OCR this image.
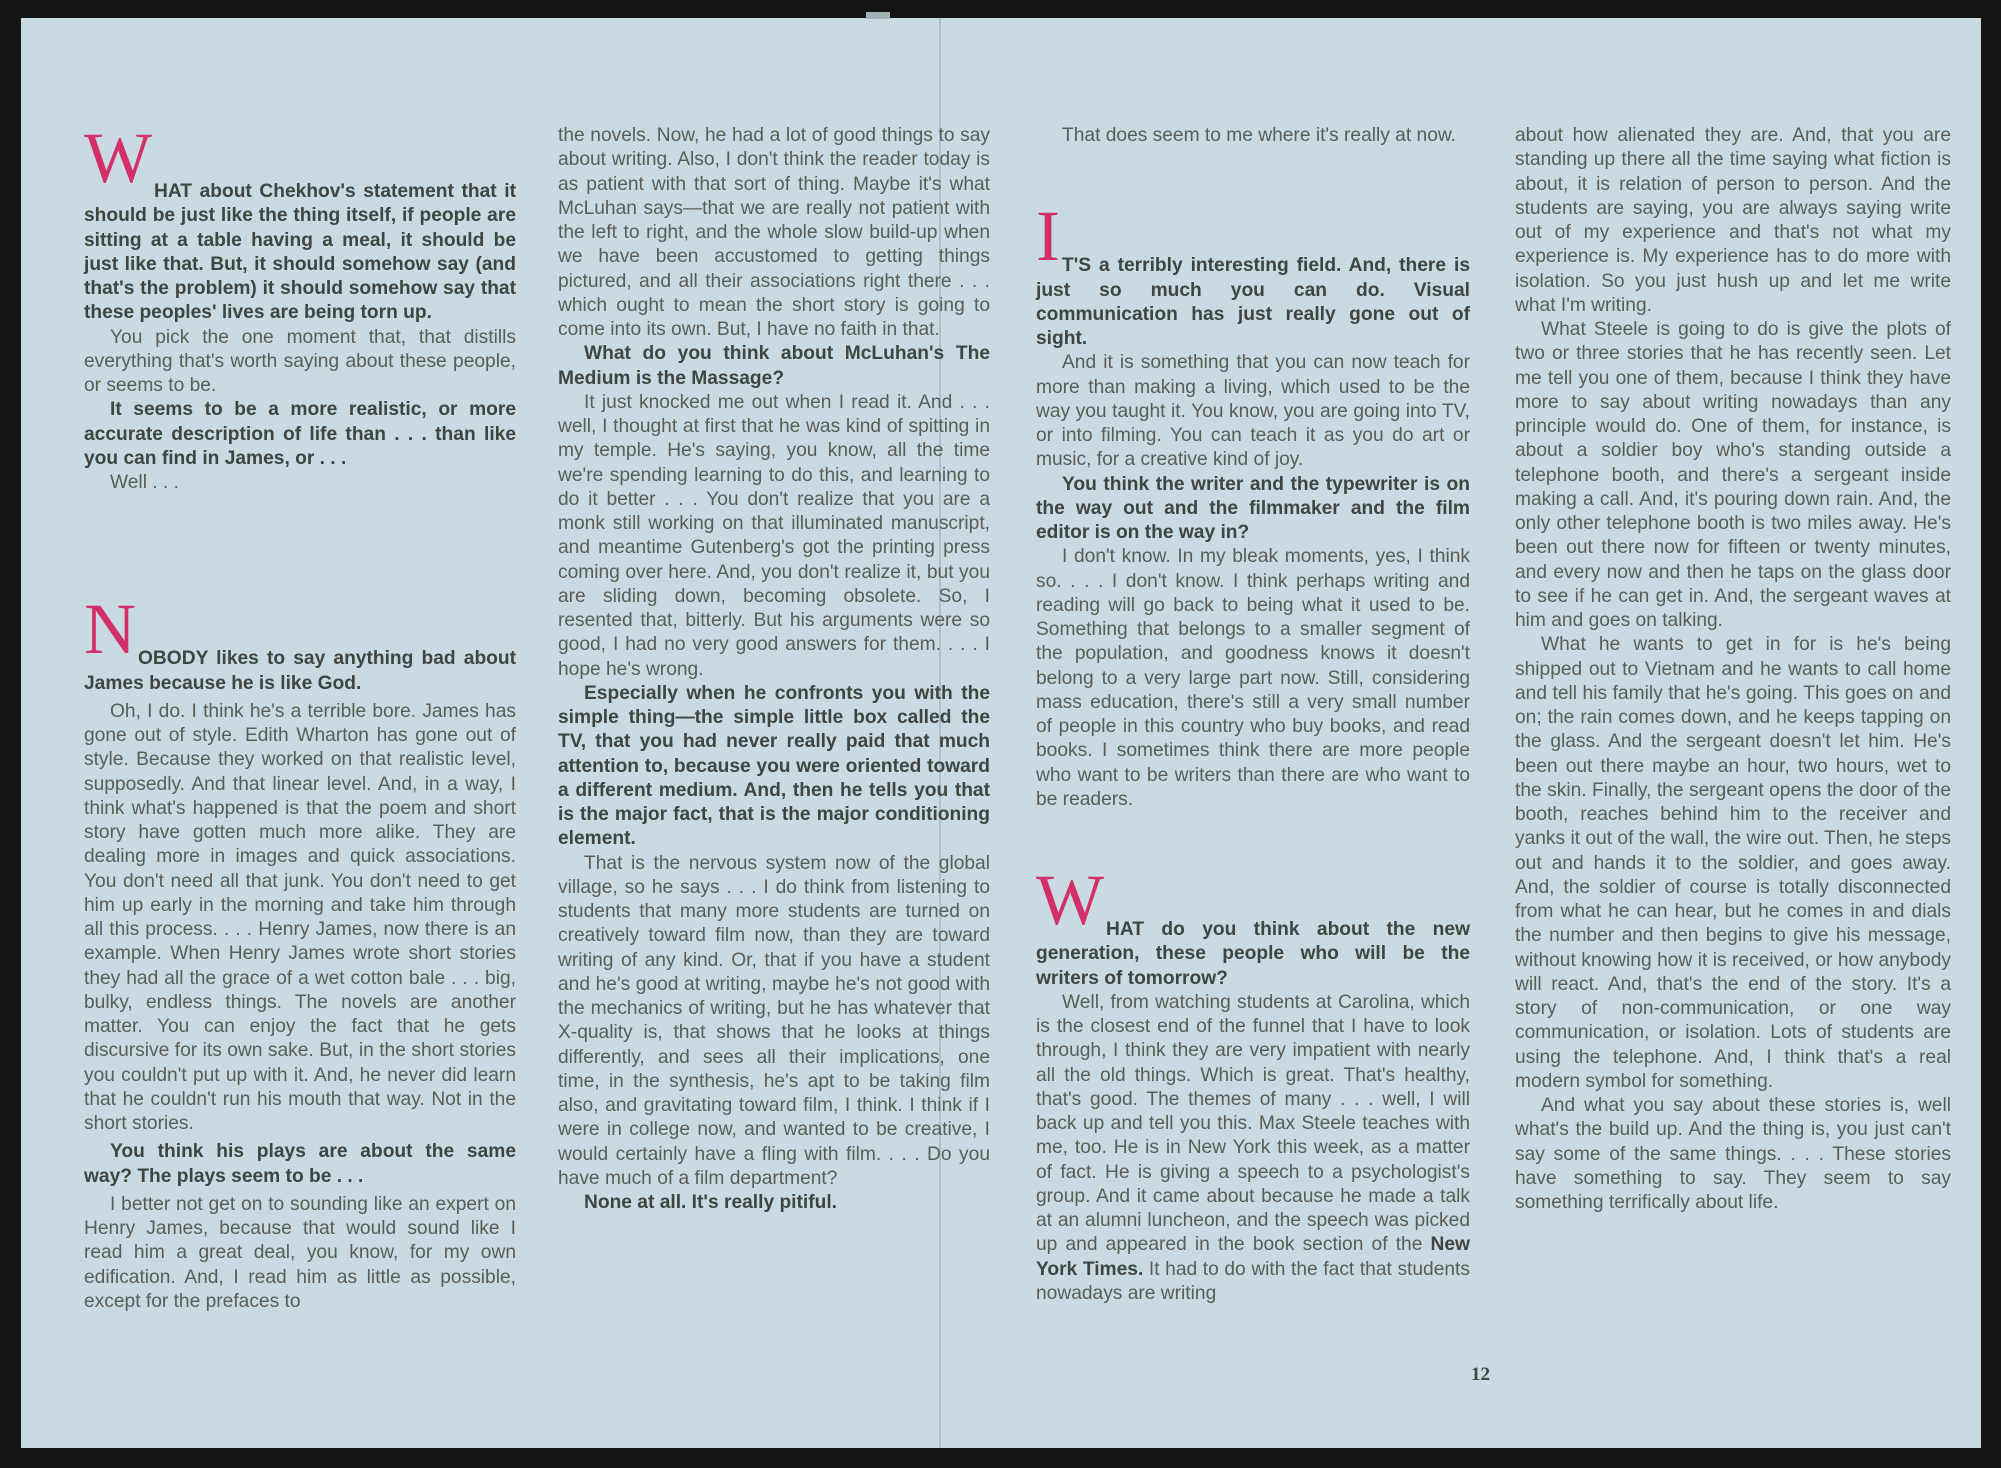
W HAT about Chekhov's statement that it should be just like the thing itself, if people are sitting at a table having a meal, it should be just like that. But, it should somehow say (and that's the problem) it should somehow say that these peoples' lives are being torn up.

You pick the one moment that, that distills everything that's worth saying about these people, or seems to be.

It seems to be a more realistic, or more accurate description of life than . . . than like you can find in James, or . . .

Well . . .

N OBODY likes to say anything bad about James because he is like God.

Oh, I do. I think he's a terrible bore. James has gone out of style. Edith Wharton has gone out of style. Because they worked on that realistic level, supposedly. And that linear level. And, in a way, I think what's happened is that the poem and short story have gotten much more alike. They are dealing more in images and quick associations. You don't need all that junk. You don't need to get him up early in the morning and take him through all this process. . . . Henry James, now there is an example. When Henry James wrote short stories they had all the grace of a wet cotton bale . . . big, bulky, endless things. The novels are another matter. You can enjoy the fact that he gets discursive for its own sake. But, in the short stories you couldn't put up with it. And, he never did learn that he couldn't run his mouth that way. Not in the short stories.

You think his plays are about the same way? The plays seem to be . . .

I better not get on to sounding like an expert on Henry James, because that would sound like I read him a great deal, you know, for my own edification. And, I read him as little as possible, except for the prefaces to

the novels. Now, he had a lot of good things to say about writing. Also, I don't think the reader today is as patient with that sort of thing. Maybe it's what McLuhan says—that we are really not patient with the left to right, and the whole slow build-up when we have been accustomed to getting things pictured, and all their associations right there . . . which ought to mean the short story is going to come into its own. But, I have no faith in that.

What do you think about McLuhan's The Medium is the Massage?

It just knocked me out when I read it. And . . . well, I thought at first that he was kind of spitting in my temple. He's saying, you know, all the time we're spending learning to do this, and learning to do it better . . . You don't realize that you are a monk still working on that illuminated manuscript, and meantime Gutenberg's got the printing press coming over here. And, you don't realize it, but you are sliding down, becoming obsolete. So, I resented that, bitterly. But his arguments were so good, I had no very good answers for them. . . . I hope he's wrong.

Especially when he confronts you with the simple thing—the simple little box called the TV, that you had never really paid that much attention to, because you were oriented toward a different medium. And, then he tells you that is the major fact, that is the major conditioning element.

That is the nervous system now of the global village, so he says . . . I do think from listening to students that many more students are turned on creatively toward film now, than they are toward writing of any kind. Or, that if you have a student and he's good at writing, maybe he's not good with the mechanics of writing, but he has whatever that X-quality is, that shows that he looks at things differently, and sees all their implications, one time, in the synthesis, he's apt to be taking film also, and gravitating toward film, I think. I think if I were in college now, and wanted to be creative, I would certainly have a fling with film. . . . Do you have much of a film department?

None at all. It's really pitiful.

That does seem to me where it's really at now.

I T'S a terribly interesting field. And, there is just so much you can do. Visual communication has just really gone out of sight.

And it is something that you can now teach for more than making a living, which used to be the way you taught it. You know, you are going into TV, or into filming. You can teach it as you do art or music, for a creative kind of joy.

You think the writer and the typewriter is on the way out and the filmmaker and the film editor is on the way in?

I don't know. In my bleak moments, yes, I think so. . . . I don't know. I think perhaps writing and reading will go back to being what it used to be. Something that belongs to a smaller segment of the population, and goodness knows it doesn't belong to a very large part now. Still, considering mass education, there's still a very small number of people in this country who buy books, and read books. I sometimes think there are more people who want to be writers than there are who want to be readers.

W HAT do you think about the new generation, these people who will be the writers of tomorrow?

Well, from watching students at Carolina, which is the closest end of the funnel that I have to look through, I think they are very impatient with nearly all the old things. Which is great. That's healthy, that's good. The themes of many . . . well, I will back up and tell you this. Max Steele teaches with me, too. He is in New York this week, as a matter of fact. He is giving a speech to a psychologist's group. And it came about because he made a talk at an alumni luncheon, and the speech was picked up and appeared in the book section of the New York Times. It had to do with the fact that students nowadays are writing

about how alienated they are. And, that you are standing up there all the time saying what fiction is about, it is relation of person to person. And the students are saying, you are always saying write out of my experience and that's not what my experience is. My experience has to do more with isolation. So you just hush up and let me write what I'm writing.

What Steele is going to do is give the plots of two or three stories that he has recently seen. Let me tell you one of them, because I think they have more to say about writing nowadays than any principle would do. One of them, for instance, is about a soldier boy who's standing outside a telephone booth, and there's a sergeant inside making a call. And, it's pouring down rain. And, the only other telephone booth is two miles away. He's been out there now for fifteen or twenty minutes, and every now and then he taps on the glass door to see if he can get in. And, the sergeant waves at him and goes on talking.

What he wants to get in for is he's being shipped out to Vietnam and he wants to call home and tell his family that he's going. This goes on and on; the rain comes down, and he keeps tapping on the glass. And the sergeant doesn't let him. He's been out there maybe an hour, two hours, wet to the skin. Finally, the sergeant opens the door of the booth, reaches behind him to the receiver and yanks it out of the wall, the wire out. Then, he steps out and hands it to the soldier, and goes away. And, the soldier of course is totally disconnected from what he can hear, but he comes in and dials the number and then begins to give his message, without knowing how it is received, or how anybody will react. And, that's the end of the story. It's a story of non-communication, or one way communication, or isolation. Lots of students are using the telephone. And, I think that's a real modern symbol for something.

And what you say about these stories is, well what's the build up. And the thing is, you just can't say some of the same things. . . . These stories have something to say. They seem to say something terrifically about life.

12
